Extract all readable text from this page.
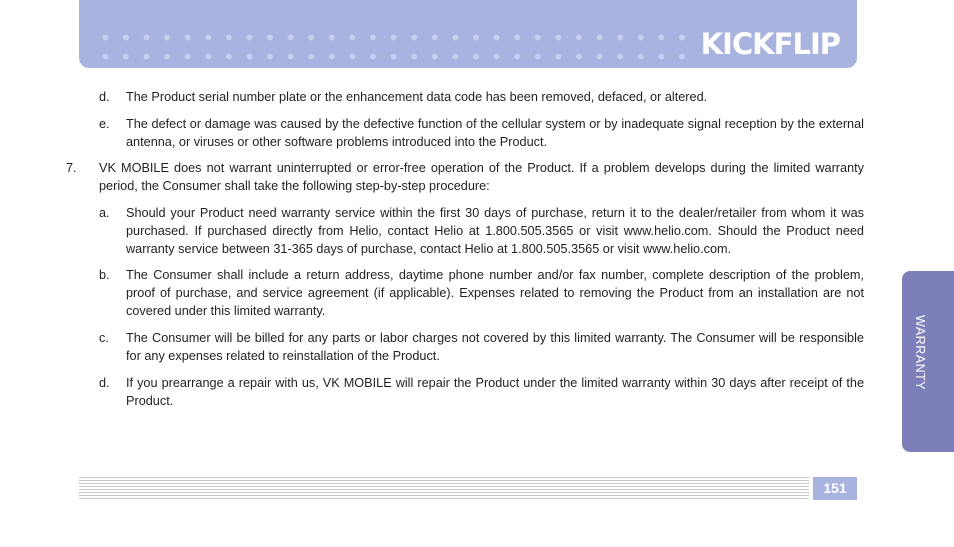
KICKFLIP
d.	The Product serial number plate or the enhancement data code has been removed, defaced, or altered.
e.	The defect or damage was caused by the defective function of the cellular system or by inadequate signal reception by the external antenna, or viruses or other software problems introduced into the Product.
7.	VK MOBILE does not warrant uninterrupted or error-free operation of the Product. If a problem develops during the limited warranty period, the Consumer shall take the following step-by-step procedure:
a.	Should your Product need warranty service within the first 30 days of purchase, return it to the dealer/retailer from whom it was purchased. If purchased directly from Helio, contact Helio at 1.800.505.3565 or visit www.helio.com. Should the Product need warranty service between 31-365 days of purchase, contact Helio at 1.800.505.3565 or visit www.helio.com.
b.	The Consumer shall include a return address, daytime phone number and/or fax number, complete description of the problem, proof of purchase, and service agreement (if applicable). Expenses related to removing the Product from an installation are not covered under this limited warranty.
c.	The Consumer will be billed for any parts or labor charges not covered by this limited warranty. The Consumer will be responsible for any expenses related to reinstallation of the Product.
d.	If you prearrange a repair with us, VK MOBILE will repair the Product under the limited warranty within 30 days after receipt of the Product.
WARRANTY
151
